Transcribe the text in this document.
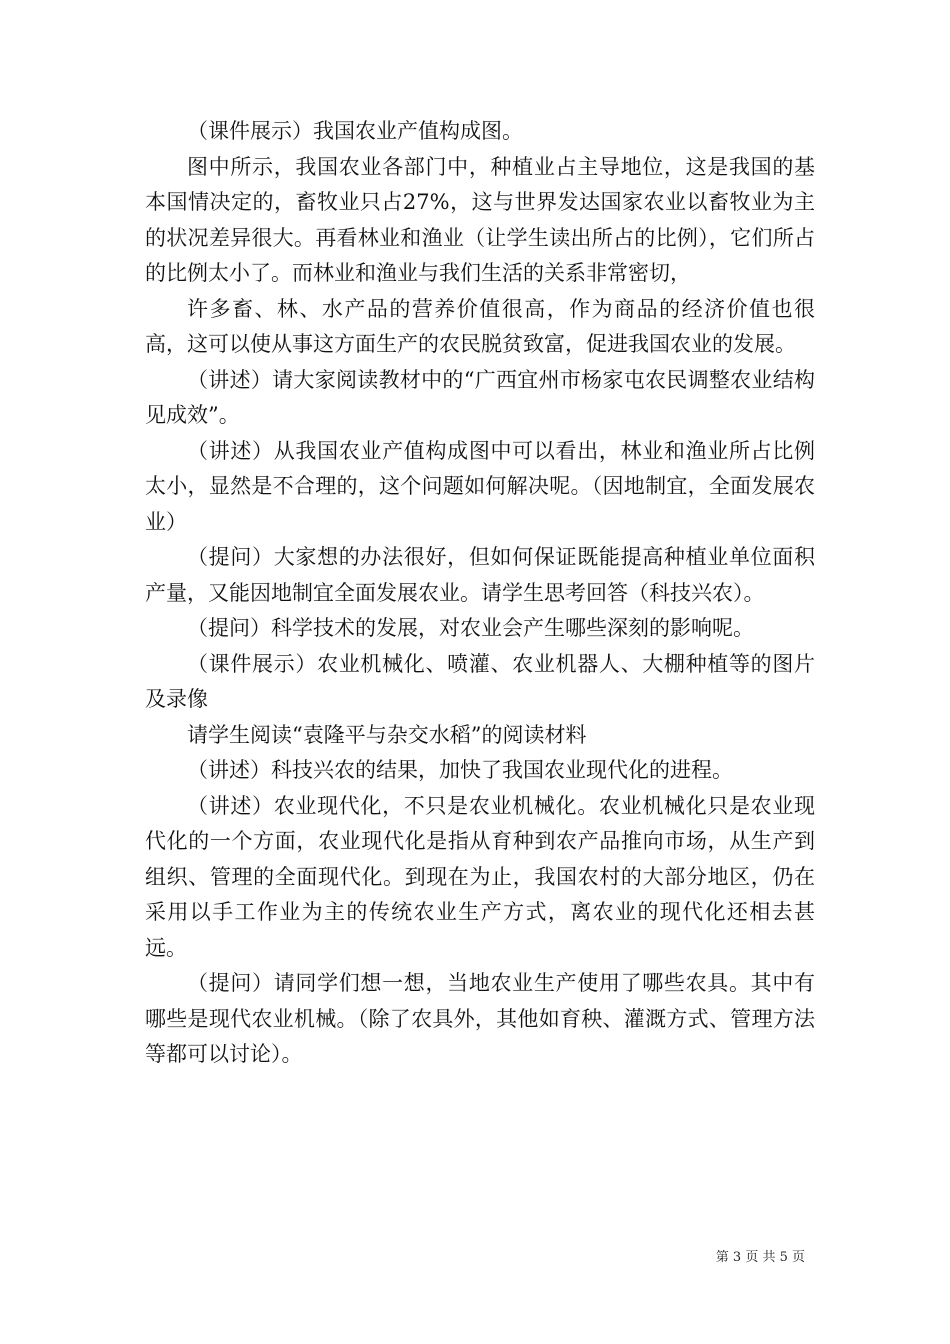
（课件展示）我国农业产值构成图。

图中所示，我国农业各部门中，种植业占主导地位，这是我国的基本国情决定的，畜牧业只占27%，这与世界发达国家农业以畜牧业为主的状况差异很大。再看林业和渔业（让学生读出所占的比例），它们所占的比例太小了。而林业和渔业与我们生活的关系非常密切，

许多畜、林、水产品的营养价值很高，作为商品的经济价值也很高，这可以使从事这方面生产的农民脱贫致富，促进我国农业的发展。

（讲述）请大家阅读教材中的“广西宜州市杨家屯农民调整农业结构见成效”。

（讲述）从我国农业产值构成图中可以看出，林业和渔业所占比例太小，显然是不合理的，这个问题如何解决呢。（因地制宜，全面发展农业）

（提问）大家想的办法很好，但如何保证既能提高种植业单位面积产量，又能因地制宜全面发展农业。请学生思考回答（科技兴农）。

（提问）科学技术的发展，对农业会产生哪些深刻的影响呢。

（课件展示）农业机械化、喷灌、农业机器人、大棚种植等的图片及录像

请学生阅读“袁隆平与杂交水稻”的阅读材料

（讲述）科技兴农的结果，加快了我国农业现代化的进程。

（讲述）农业现代化，不只是农业机械化。农业机械化只是农业现代化的一个方面，农业现代化是指从育种到农产品推向市场，从生产到组织、管理的全面现代化。到现在为止，我国农村的大部分地区，仍在采用以手工作业为主的传统农业生产方式，离农业的现代化还相去甚远。

（提问）请同学们想一想，当地农业生产使用了哪些农具。其中有哪些是现代农业机械。（除了农具外，其他如育秧、灌溉方式、管理方法等都可以讨论）。

第 3 页 共 5 页
